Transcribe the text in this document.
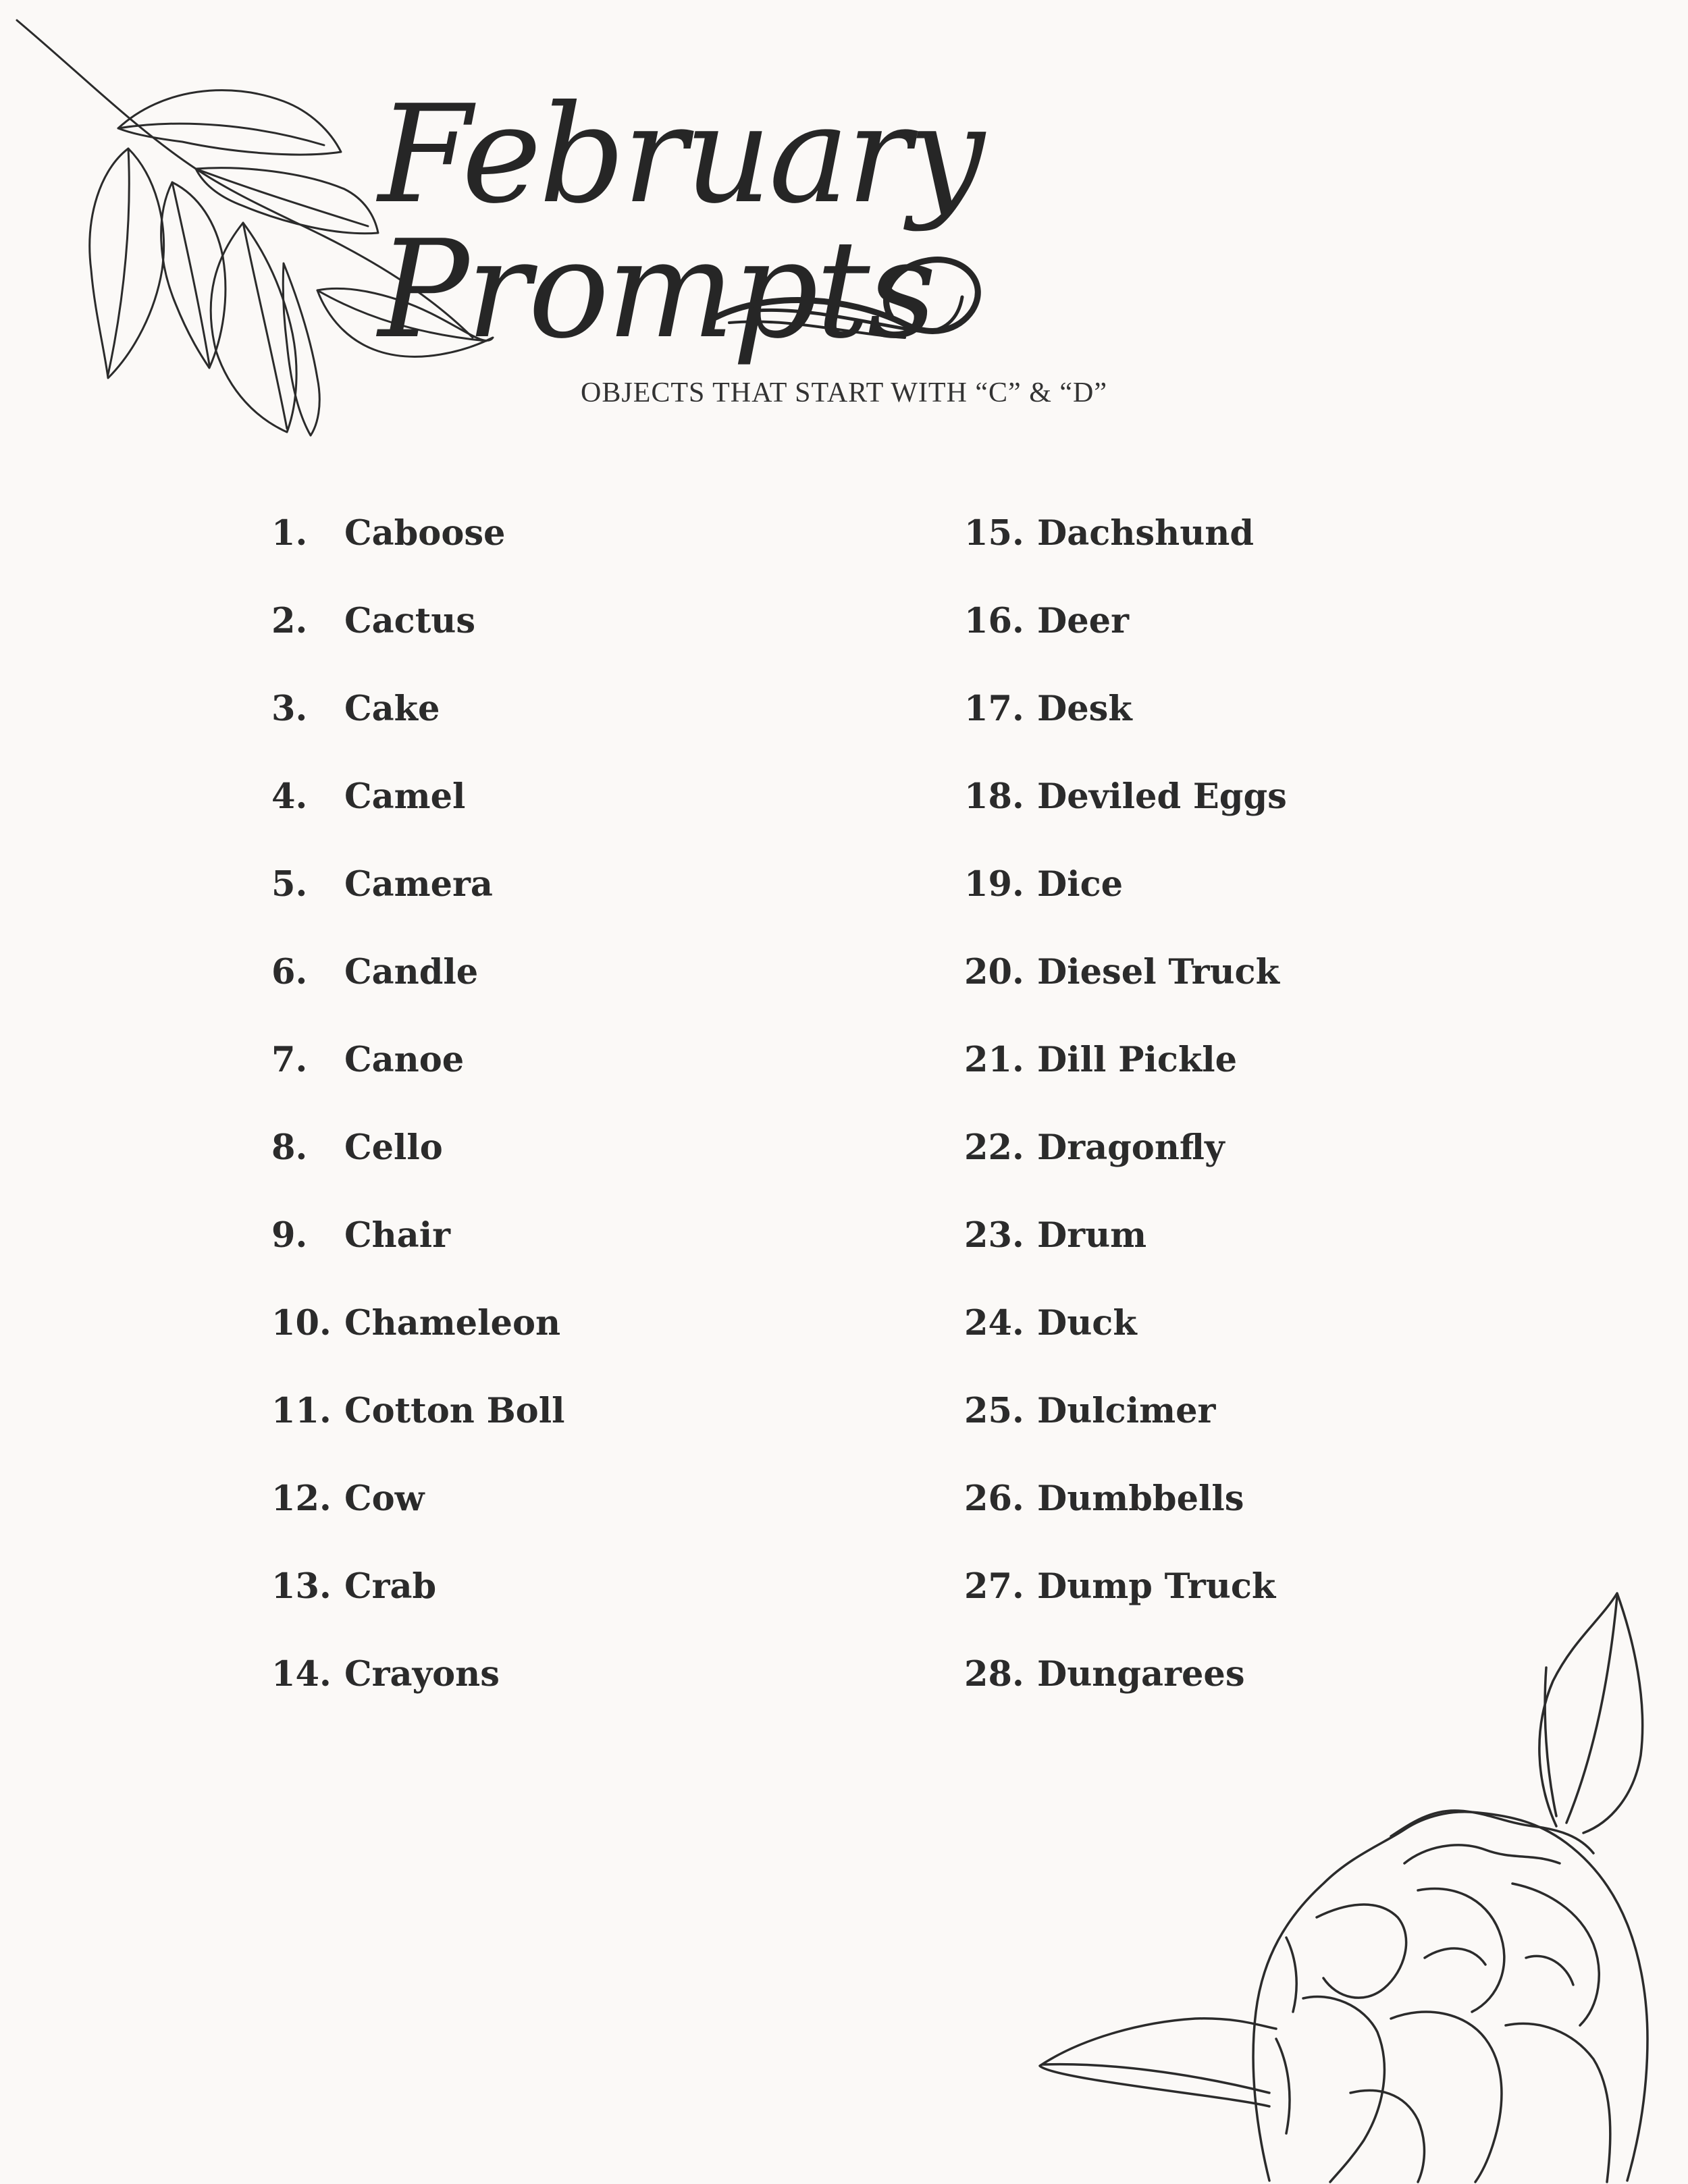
February Prompts
OBJECTS THAT START WITH “C” & “D”
1.	Caboose
2.	Cactus
3.	Cake
4.	Camel
5.	Camera
6.	Candle
7.	Canoe
8.	Cello
9.	Chair
10. Chameleon
11. Cotton Boll
12. Cow
13. Crab
14. Crayons
15. Dachshund
16. Deer
17. Desk
18. Deviled Eggs
19. Dice
20. Diesel Truck
21. Dill Pickle
22. Dragonfly
23. Drum
24. Duck
25. Dulcimer
26. Dumbbells
27. Dump Truck
28. Dungarees
